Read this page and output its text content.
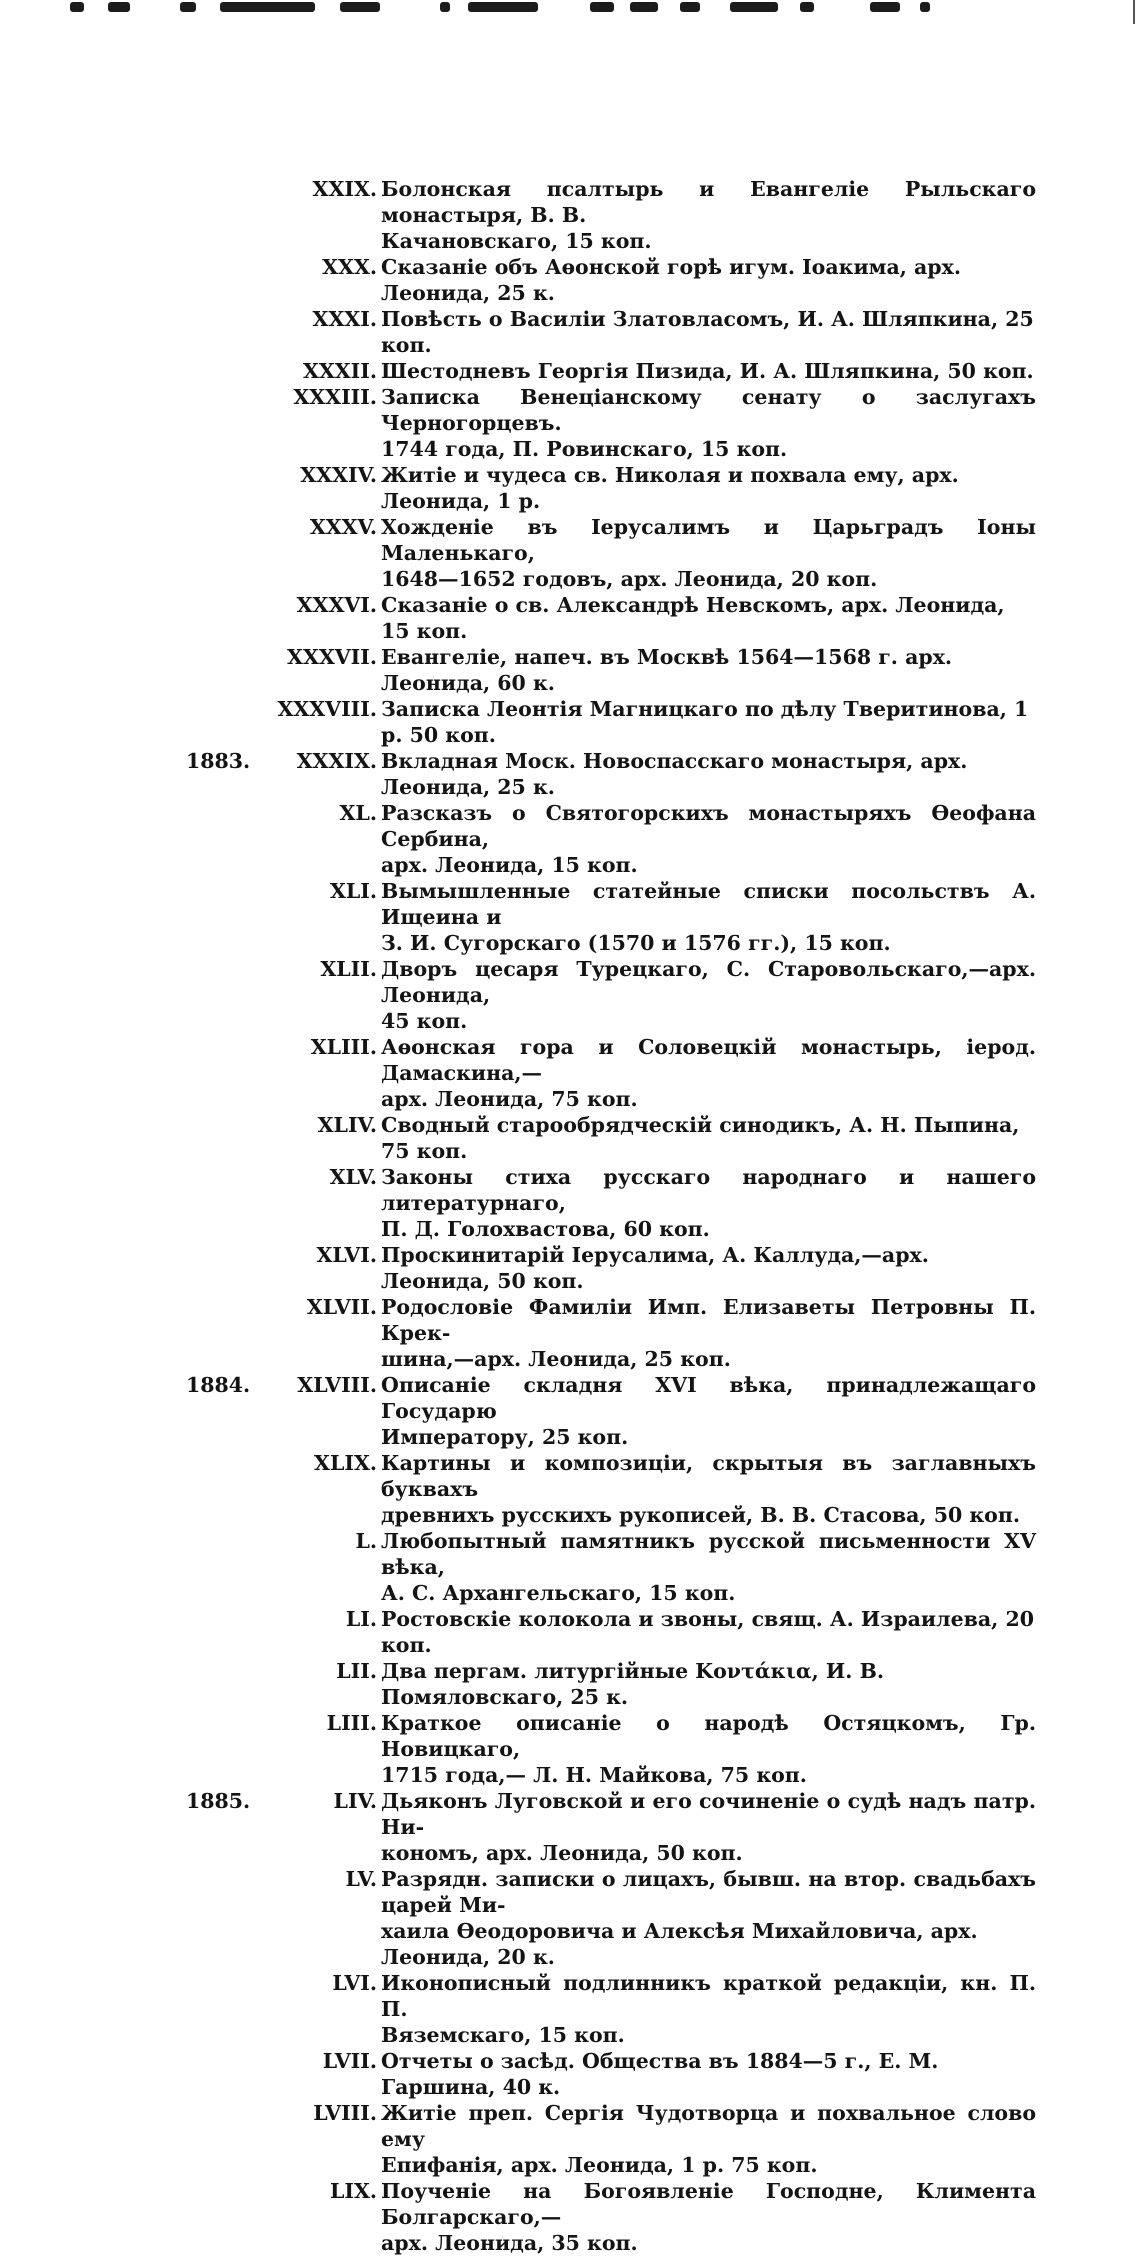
XXIX. Болонская псалтырь и Евангеліе Рыльскаго монастыря, В. В.
Качановскаго, 15 коп.
XXX. Сказаніе объ Аѳонской горѣ игум. Іоакима, арх. Леонида, 25 к.
XXXI. Повѣсть о Василіи Златовласомъ, И. А. Шляпкина, 25 коп.
XXXII. Шестодневъ Георгія Пизида, И. А. Шляпкина, 50 коп.
XXXIII. Записка Венеціанскому сенату о заслугахъ Черногорцевъ.
1744 года, П. Ровинскаго, 15 коп.
XXXIV. Житіе и чудеса св. Николая и похвала ему, арх. Леонида, 1 р.
XXXV. Хожденіе въ Іерусалимъ и Царьградъ Іоны Маленькаго,
1648—1652 годовъ, арх. Леонида, 20 коп.
XXXVI. Сказаніе о св. Александрѣ Невскомъ, арх. Леонида, 15 коп.
XXXVII. Евангеліе, напеч. въ Москвѣ 1564—1568 г. арх. Леонида, 60 к.
XXXVIII. Записка Леонтія Магницкаго по дѣлу Тверитинова, 1 р. 50 коп.
1883.	XXXIX. Вкладная Моск. Новоспасскаго монастыря, арх. Леонида, 25 к.
XL. Разсказъ о Святогорскихъ монастыряхъ Ѳеофана Сербина,
арх. Леонида, 15 коп.
XLI. Вымышленные статейные списки посольствъ А. Ищеина и
З. И. Сугорскаго (1570 и 1576 гг.), 15 коп.
XLII. Дворъ цесаря Турецкаго, С. Старовольскаго,—арх. Леонида,
45 коп.
XLIII. Аѳонская гора и Соловецкій монастырь, іерод. Дамаскина,—
арх. Леонида, 75 коп.
XLIV. Сводный старообрядческій синодикъ, А. Н. Пыпина, 75 коп.
XLV. Законы стиха русскаго народнаго и нашего литературнаго,
П. Д. Голохвастова, 60 коп.
XLVI. Проскинитарій Іерусалима, А. Каллуда,—арх. Леонида, 50 коп.
XLVII. Родословіе Фамиліи Имп. Елизаветы Петровны П. Крек-
шина,—арх. Леонида, 25 коп.
1884.	XLVIII. Описаніе складня XVI вѣка, принадлежащаго Государю
Императору, 25 коп.
XLIX. Картины и композиціи, скрытыя въ заглавныхъ буквахъ
древнихъ русскихъ рукописей, В. В. Стасова, 50 коп.
L. Любопытный памятникъ русской письменности XV вѣка,
А. С. Архангельскаго, 15 коп.
LI. Ростовскіе колокола и звоны, свящ. А. Израилева, 20 коп.
LII. Два пергам. литургійные Κοντάκια, И. В. Помяловскаго, 25 к.
LIII. Краткое описаніе о народѣ Остяцкомъ, Гр. Новицкаго,
1715 года,— Л. Н. Майкова, 75 коп.
1885.	LIV. Дьяконъ Луговской и его сочиненіе о судѣ надъ патр. Ни-
кономъ, арх. Леонида, 50 коп.
LV. Разрядн. записки о лицахъ, бывш. на втор. свадьбахъ царей Ми-
хаила Ѳеодоровича и Алексѣя Михайловича, арх. Леонида, 20 к.
LVI. Иконописный подлинникъ краткой редакціи, кн. П. П.
Вяземскаго, 15 коп.
LVII. Отчеты о засѣд. Общества въ 1884—5 г., Е. М. Гаршина, 40 к.
LVIII. Житіе преп. Сергія Чудотворца и похвальное слово ему
Епифанія, арх. Леонида, 1 р. 75 коп.
LIX. Поученіе на Богоявленіе Господне, Климента Болгарскаго,—
арх. Леонида, 35 коп.
